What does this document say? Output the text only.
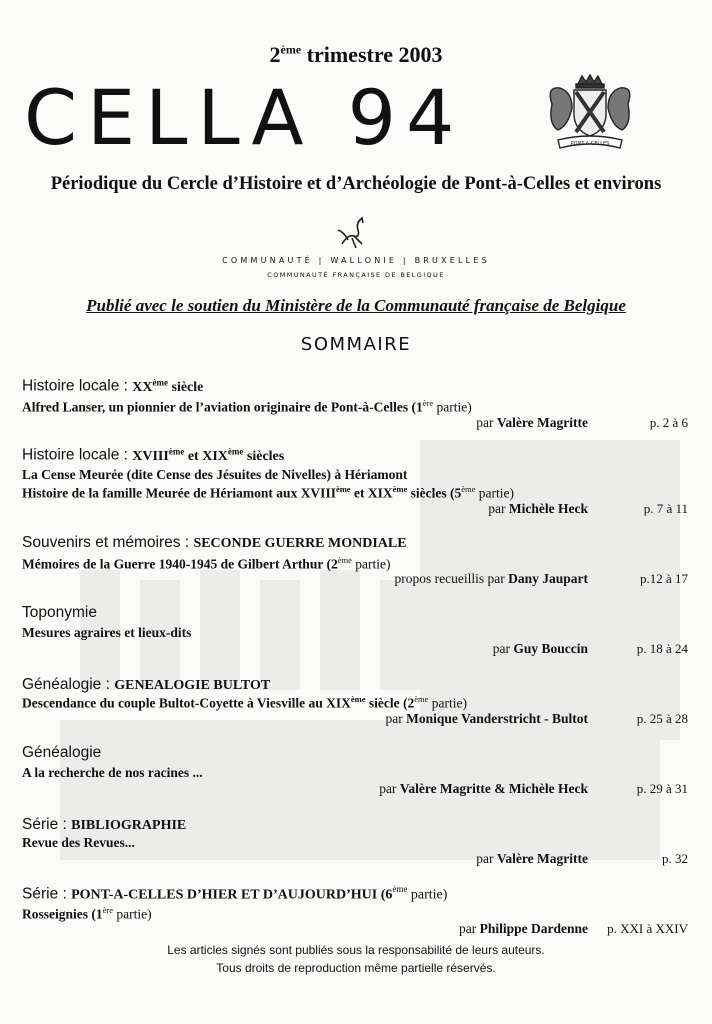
2ème trimestre 2003
CELLA 94	PONT-A-CELLES
Périodique du Cercle d’Histoire et d’Archéologie de Pont-à-Celles et environs
COMMUNAUTÉ | WALLONIE | BRUXELLES
COMMUNAUTÉ FRANÇAISE DE BELGIQUE
Publié avec le soutien du Ministère de la Communauté française de Belgique
SOMMAIRE
Histoire locale : XXème siècle
Alfred Lanser, un pionnier de l’aviation originaire de Pont-à-Celles (1ère partie)
par Valère Magritte	p. 2 à 6
Histoire locale : XVIIIème et XIXème siècles
La Cense Meurée (dite Cense des Jésuites de Nivelles) à Hériamont
Histoire de la famille Meurée de Hériamont aux XVIIIème et XIXème siècles (5ème partie)
par Michèle Heck	p. 7 à 11
Souvenirs et mémoires : SECONDE GUERRE MONDIALE
Mémoires de la Guerre 1940-1945 de Gilbert Arthur (2ème partie)
propos recueillis par Dany Jaupart	p.12 à 17
Toponymie
Mesures agraires et lieux-dits
par Guy Bouccin	p. 18 à 24
Généalogie : GENEALOGIE BULTOT
Descendance du couple Bultot-Coyette à Viesville au XIXème siècle (2ème partie)
par Monique Vanderstricht - Bultot	p. 25 à 28
Généalogie
A la recherche de nos racines ...
par Valère Magritte & Michèle Heck	p. 29 à 31
Série : BIBLIOGRAPHIE
Revue des Revues...
par Valère Magritte	p. 32
Série : PONT-A-CELLES D’HIER ET D’AUJOURD’HUI (6ème partie)
Rosseignies (1ère partie)
par Philippe Dardenne p. XXI à XXIV
Les articles signés sont publiés sous la responsabilité de leurs auteurs.
Tous droits de reproduction même partielle réservés.
